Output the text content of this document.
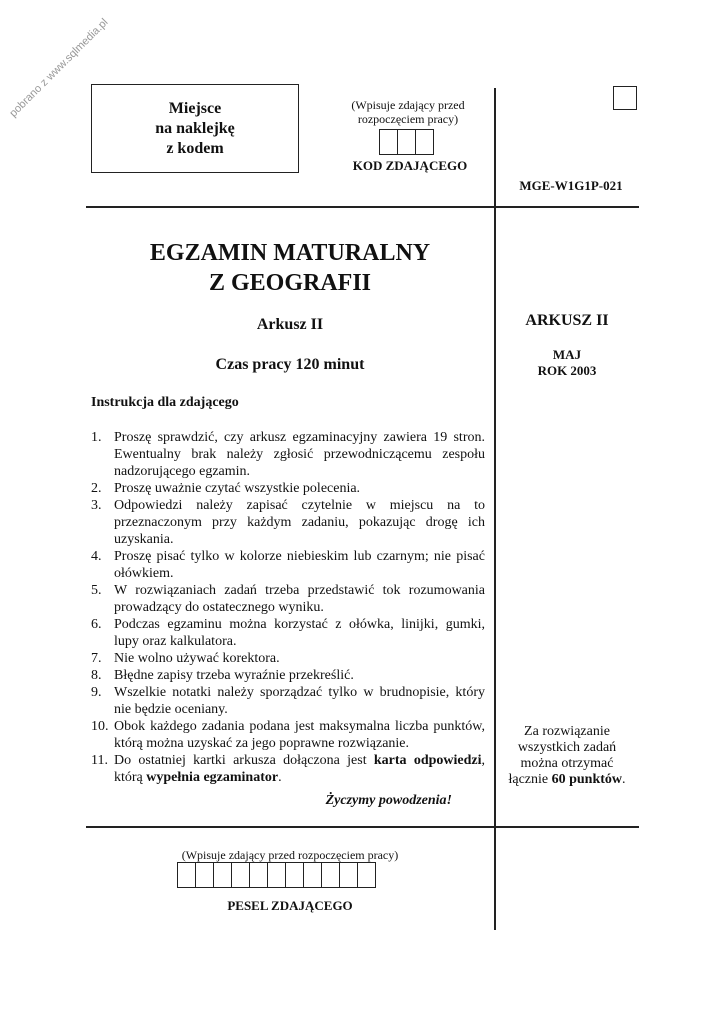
pobrano z www.sqlmedia.pl	Miejsce
na naklejkę
z kodem
(Wpisuje zdający przed
rozpoczęciem pracy)
KOD ZDAJĄCEGO
MGE-W1G1P-021
EGZAMIN MATURALNY
Z GEOGRAFII
Arkusz II
Czas pracy 120 minut
ARKUSZ II
MAJ
ROK 2003
Za rozwiązanie
wszystkich zadań
można otrzymać
łącznie 60 punktów.
Instrukcja dla zdającego
1. Proszę sprawdzić, czy arkusz egzaminacyjny zawiera 19 stron. Ewentualny brak należy zgłosić przewodniczącemu zespołu nadzorującego egzamin.
2. Proszę uważnie czytać wszystkie polecenia.
3. Odpowiedzi należy zapisać czytelnie w miejscu na to przeznaczonym przy każdym zadaniu, pokazując drogę ich uzyskania.
4. Proszę pisać tylko w kolorze niebieskim lub czarnym; nie pisać ołówkiem.
5. W rozwiązaniach zadań trzeba przedstawić tok rozumowania prowadzący do ostatecznego wyniku.
6. Podczas egzaminu można korzystać z ołówka, linijki, gumki, lupy oraz kalkulatora.
7. Nie wolno używać korektora.
8. Błędne zapisy trzeba wyraźnie przekreślić.
9. Wszelkie notatki należy sporządzać tylko w brudnopisie, który nie będzie oceniany.
10. Obok każdego zadania podana jest maksymalna liczba punktów, którą można uzyskać za jego poprawne rozwiązanie.
11. Do ostatniej kartki arkusza dołączona jest karta odpowiedzi, którą wypełnia egzaminator.
Życzymy powodzenia!
(Wpisuje zdający przed rozpoczęciem pracy)
PESEL ZDAJĄCEGO
